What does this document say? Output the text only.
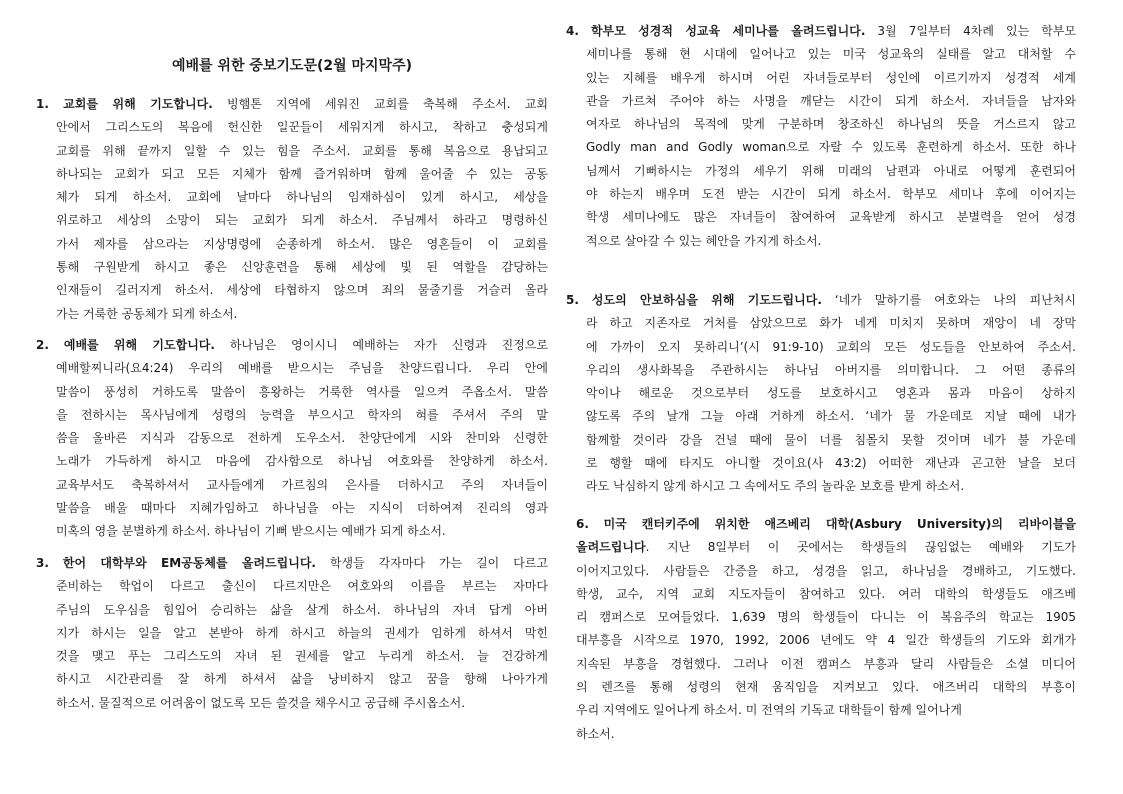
예배를 위한 중보기도문(2월 마지막주)
1. 교회를 위해 기도합니다. 빙햄톤 지역에 세워진 교회를 축복해 주소서. 교회
안에서 그리스도의 복음에 헌신한 일꾼들이 세워지게 하시고, 착하고 충성되게
교회를 위해 끝까지 일할 수 있는 힘을 주소서. 교회를 통해 복음으로 용납되고
하나되는 교회가 되고 모든 지체가 함께 즐거워하며 함께 울어줄 수 있는 공동
체가 되게 하소서. 교회에 날마다 하나님의 임재하심이 있게 하시고, 세상을
위로하고 세상의 소망이 되는 교회가 되게 하소서. 주님께서 하라고 명령하신
가서 제자를 삼으라는 지상명령에 순종하게 하소서. 많은 영혼들이 이 교회를
통해 구원받게 하시고 좋은 신앙훈련을 통해 세상에 빛 된 역할을 감당하는
인재들이 길러지게 하소서. 세상에 타협하지 않으며 죄의 물줄기를 거슬러 올라
가는 거룩한 공동체가 되게 하소서.
2. 예배를 위해 기도합니다. 하나님은 영이시니 예배하는 자가 신령과 진정으로
예배할찌니라(요4:24) 우리의 예배를 받으시는 주님을 찬양드립니다. 우리 안에
말씀이 풍성히 거하도록 말씀이 흥왕하는 거룩한 역사를 일으켜 주옵소서. 말씀
을 전하시는 목사님에게 성령의 능력을 부으시고 학자의 혀를 주셔서 주의 말
씀을 올바른 지식과 감동으로 전하게 도우소서. 찬양단에게 시와 찬미와 신령한
노래가 가득하게 하시고 마음에 감사함으로 하나님 여호와를 찬양하게 하소서.
교육부서도 축복하셔서 교사들에게 가르침의 은사를 더하시고 주의 자녀들이
말씀을 배울 때마다 지혜가임하고 하나님을 아는 지식이 더하여져 진리의 영과
미혹의 영을 분별하게 하소서. 하나님이 기뻐 받으시는 예배가 되게 하소서.
3. 한어 대학부와 EM공동체를 올려드립니다. 학생들 각자마다 가는 길이 다르고
준비하는 학업이 다르고 출신이 다르지만은 여호와의 이름을 부르는 자마다
주님의 도우심을 힘입어 승리하는 삶을 살게 하소서. 하나님의 자녀 답게 아버
지가 하시는 일을 알고 본받아 하게 하시고 하늘의 권세가 임하게 하셔서 막힌
것을 맺고 푸는 그리스도의 자녀 된 권세를 알고 누리게 하소서. 늘 건강하게
하시고 시간관리를 잘 하게 하셔서 삶을 낭비하지 않고 꿈을 향해 나아가게
하소서. 물질적으로 어려움이 없도록 모든 쓸것을 채우시고 공급해 주시옵소서.
4. 학부모 성경적 성교육 세미나를 올려드립니다. 3월 7일부터 4차례 있는 학부모
세미나를 통해 현 시대에 일어나고 있는 미국 성교육의 실태를 알고 대처할 수
있는 지혜를 배우게 하시며 어린 자녀들로부터 성인에 이르기까지 성경적 세계
관을 가르쳐 주어야 하는 사명을 깨닫는 시간이 되게 하소서. 자녀들을 남자와
여자로 하나님의 목적에 맞게 구분하며 창조하신 하나님의 뜻을 거스르지 않고
Godly man and Godly woman으로 자랄 수 있도록 훈련하게 하소서. 또한 하나
님께서 기뻐하시는 가정의 세우기 위해 미래의 남편과 아내로 어떻게 훈련되어
야 하는지 배우며 도전 받는 시간이 되게 하소서. 학부모 세미나 후에 이어지는
학생 세미나에도 많은 자녀들이 참여하여 교육받게 하시고 분별력을 얻어 성경
적으로 살아갈 수 있는 혜안을 가지게 하소서.
5. 성도의 안보하심을 위해 기도드립니다. ‘네가 말하기를 여호와는 나의 피난처시
라 하고 지존자로 거처를 삼았으므로 화가 네게 미치지 못하며 재앙이 네 장막
에 가까이 오지 못하리니’(시 91:9-10) 교회의 모든 성도들을 안보하여 주소서.
우리의 생사화복을 주관하시는 하나님 아버지를 의미합니다. 그 어떤 종류의
악이나 해로운 것으로부터 성도를 보호하시고 영혼과 몸과 마음이 상하지
않도록 주의 날개 그늘 아래 거하게 하소서. ‘네가 물 가운데로 지날 때에 내가
함께할 것이라 강을 건널 때에 물이 너를 침몰치 못할 것이며 네가 불 가운데
로 행할 때에 타지도 아니할 것이요(사 43:2) 어떠한 재난과 곤고한 날을 보더
라도 낙심하지 않게 하시고 그 속에서도 주의 놀라운 보호를 받게 하소서.
6. 미국 캔터키주에 위치한 애즈베리 대학(Asbury University)의 리바이블을
올려드립니다. 지난 8일부터 이 곳에서는 학생들의 끊임없는 예배와 기도가
이어지고있다. 사람들은 간증을 하고, 성경을 읽고, 하나님을 경배하고, 기도했다.
학생, 교수, 지역 교회 지도자들이 참여하고 있다. 여러 대학의 학생들도 애즈베
리 캠퍼스로 모여들었다. 1,639 명의 학생들이 다니는 이 복음주의 학교는 1905
대부흥을 시작으로 1970, 1992, 2006 년에도 약 4 일간 학생들의 기도와 회개가
지속된 부흥을 경험했다. 그러나 이전 캠퍼스 부흥과 달리 사람들은 소셜 미디어
의 렌즈를 통해 성령의 현재 움직임을 지켜보고 있다. 애즈버리 대학의 부흥이
우리 지역에도 일어나게 하소서. 미 전역의 기독교 대학들이 함께 일어나게
하소서.
